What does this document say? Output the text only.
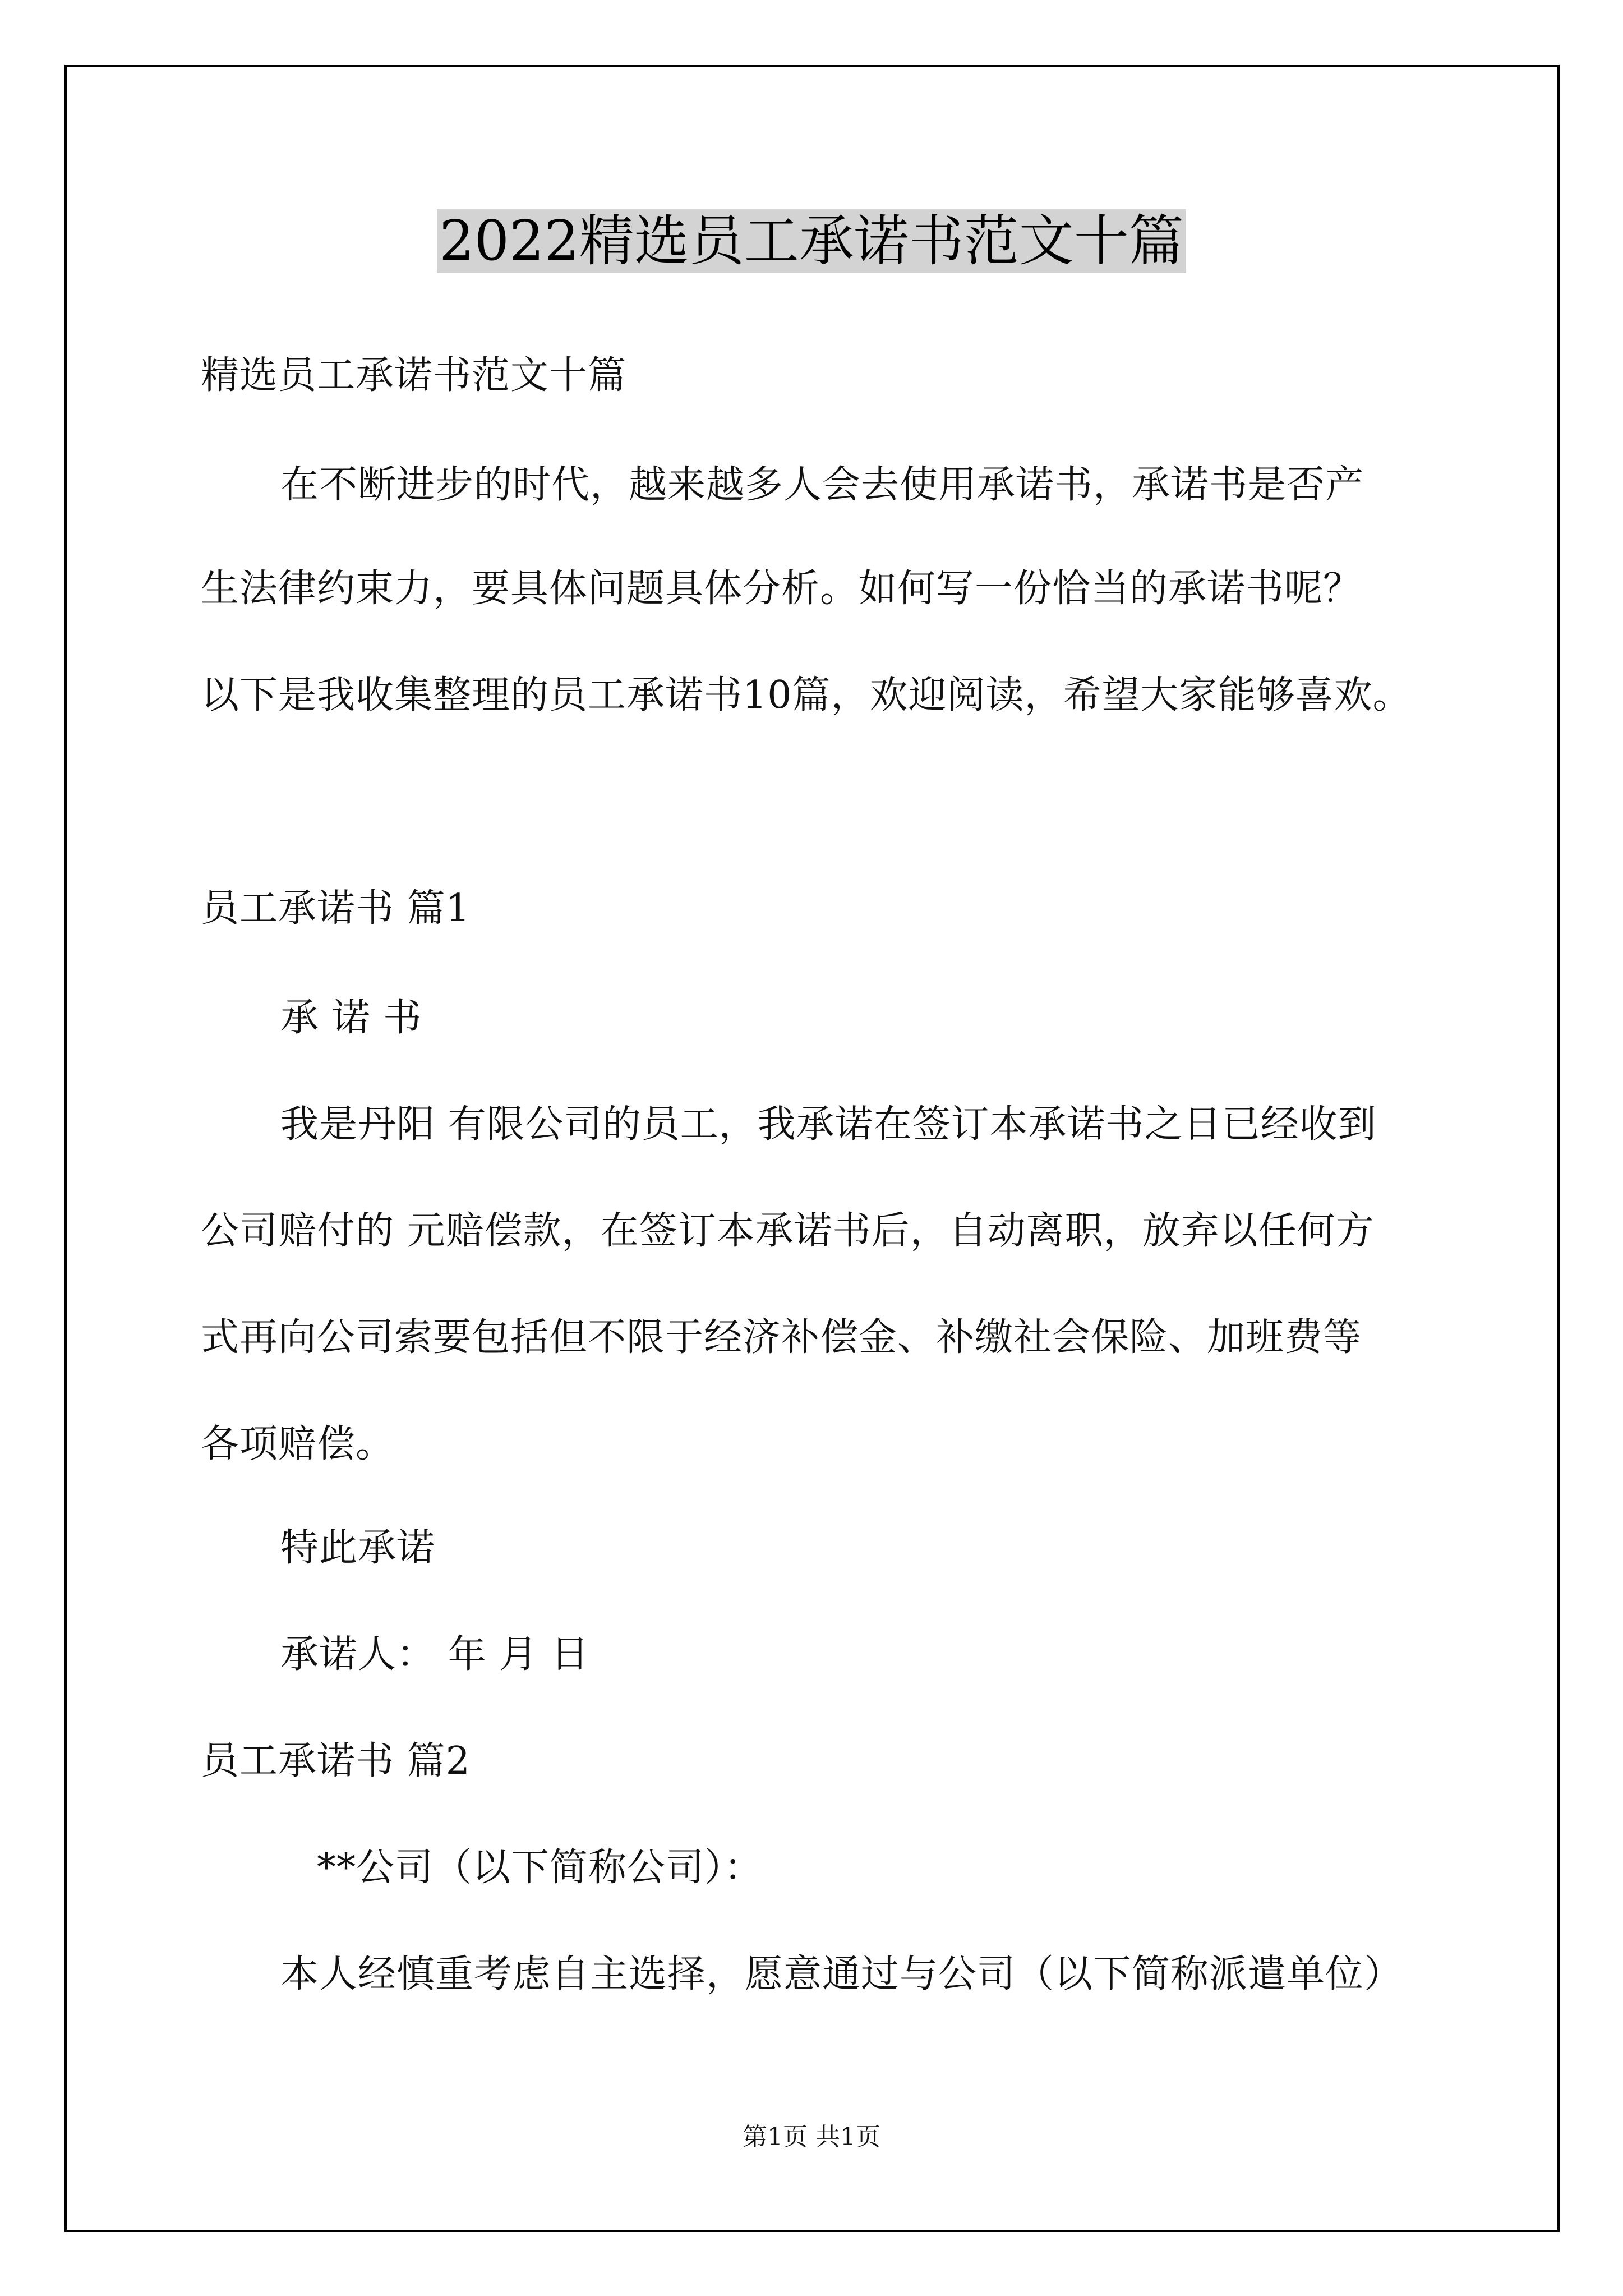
2022精选员工承诺书范文十篇

精选员工承诺书范文十篇

在不断进步的时代，越来越多人会去使用承诺书，承诺书是否产

生法律约束力，要具体问题具体分析。如何写一份恰当的承诺书呢？

以下是我收集整理的员工承诺书10篇，欢迎阅读，希望大家能够喜欢。

员工承诺书 篇1

承 诺 书

我是丹阳 有限公司的员工，我承诺在签订本承诺书之日已经收到

公司赔付的 元赔偿款，在签订本承诺书后，自动离职，放弃以任何方

式再向公司索要包括但不限于经济补偿金、补缴社会保险、加班费等

各项赔偿。

特此承诺

承诺人： 年 月 日

员工承诺书 篇2

**公司（以下简称公司）：

本人经慎重考虑自主选择，愿意通过与公司（以下简称派遣单位）

第1页 共1页
